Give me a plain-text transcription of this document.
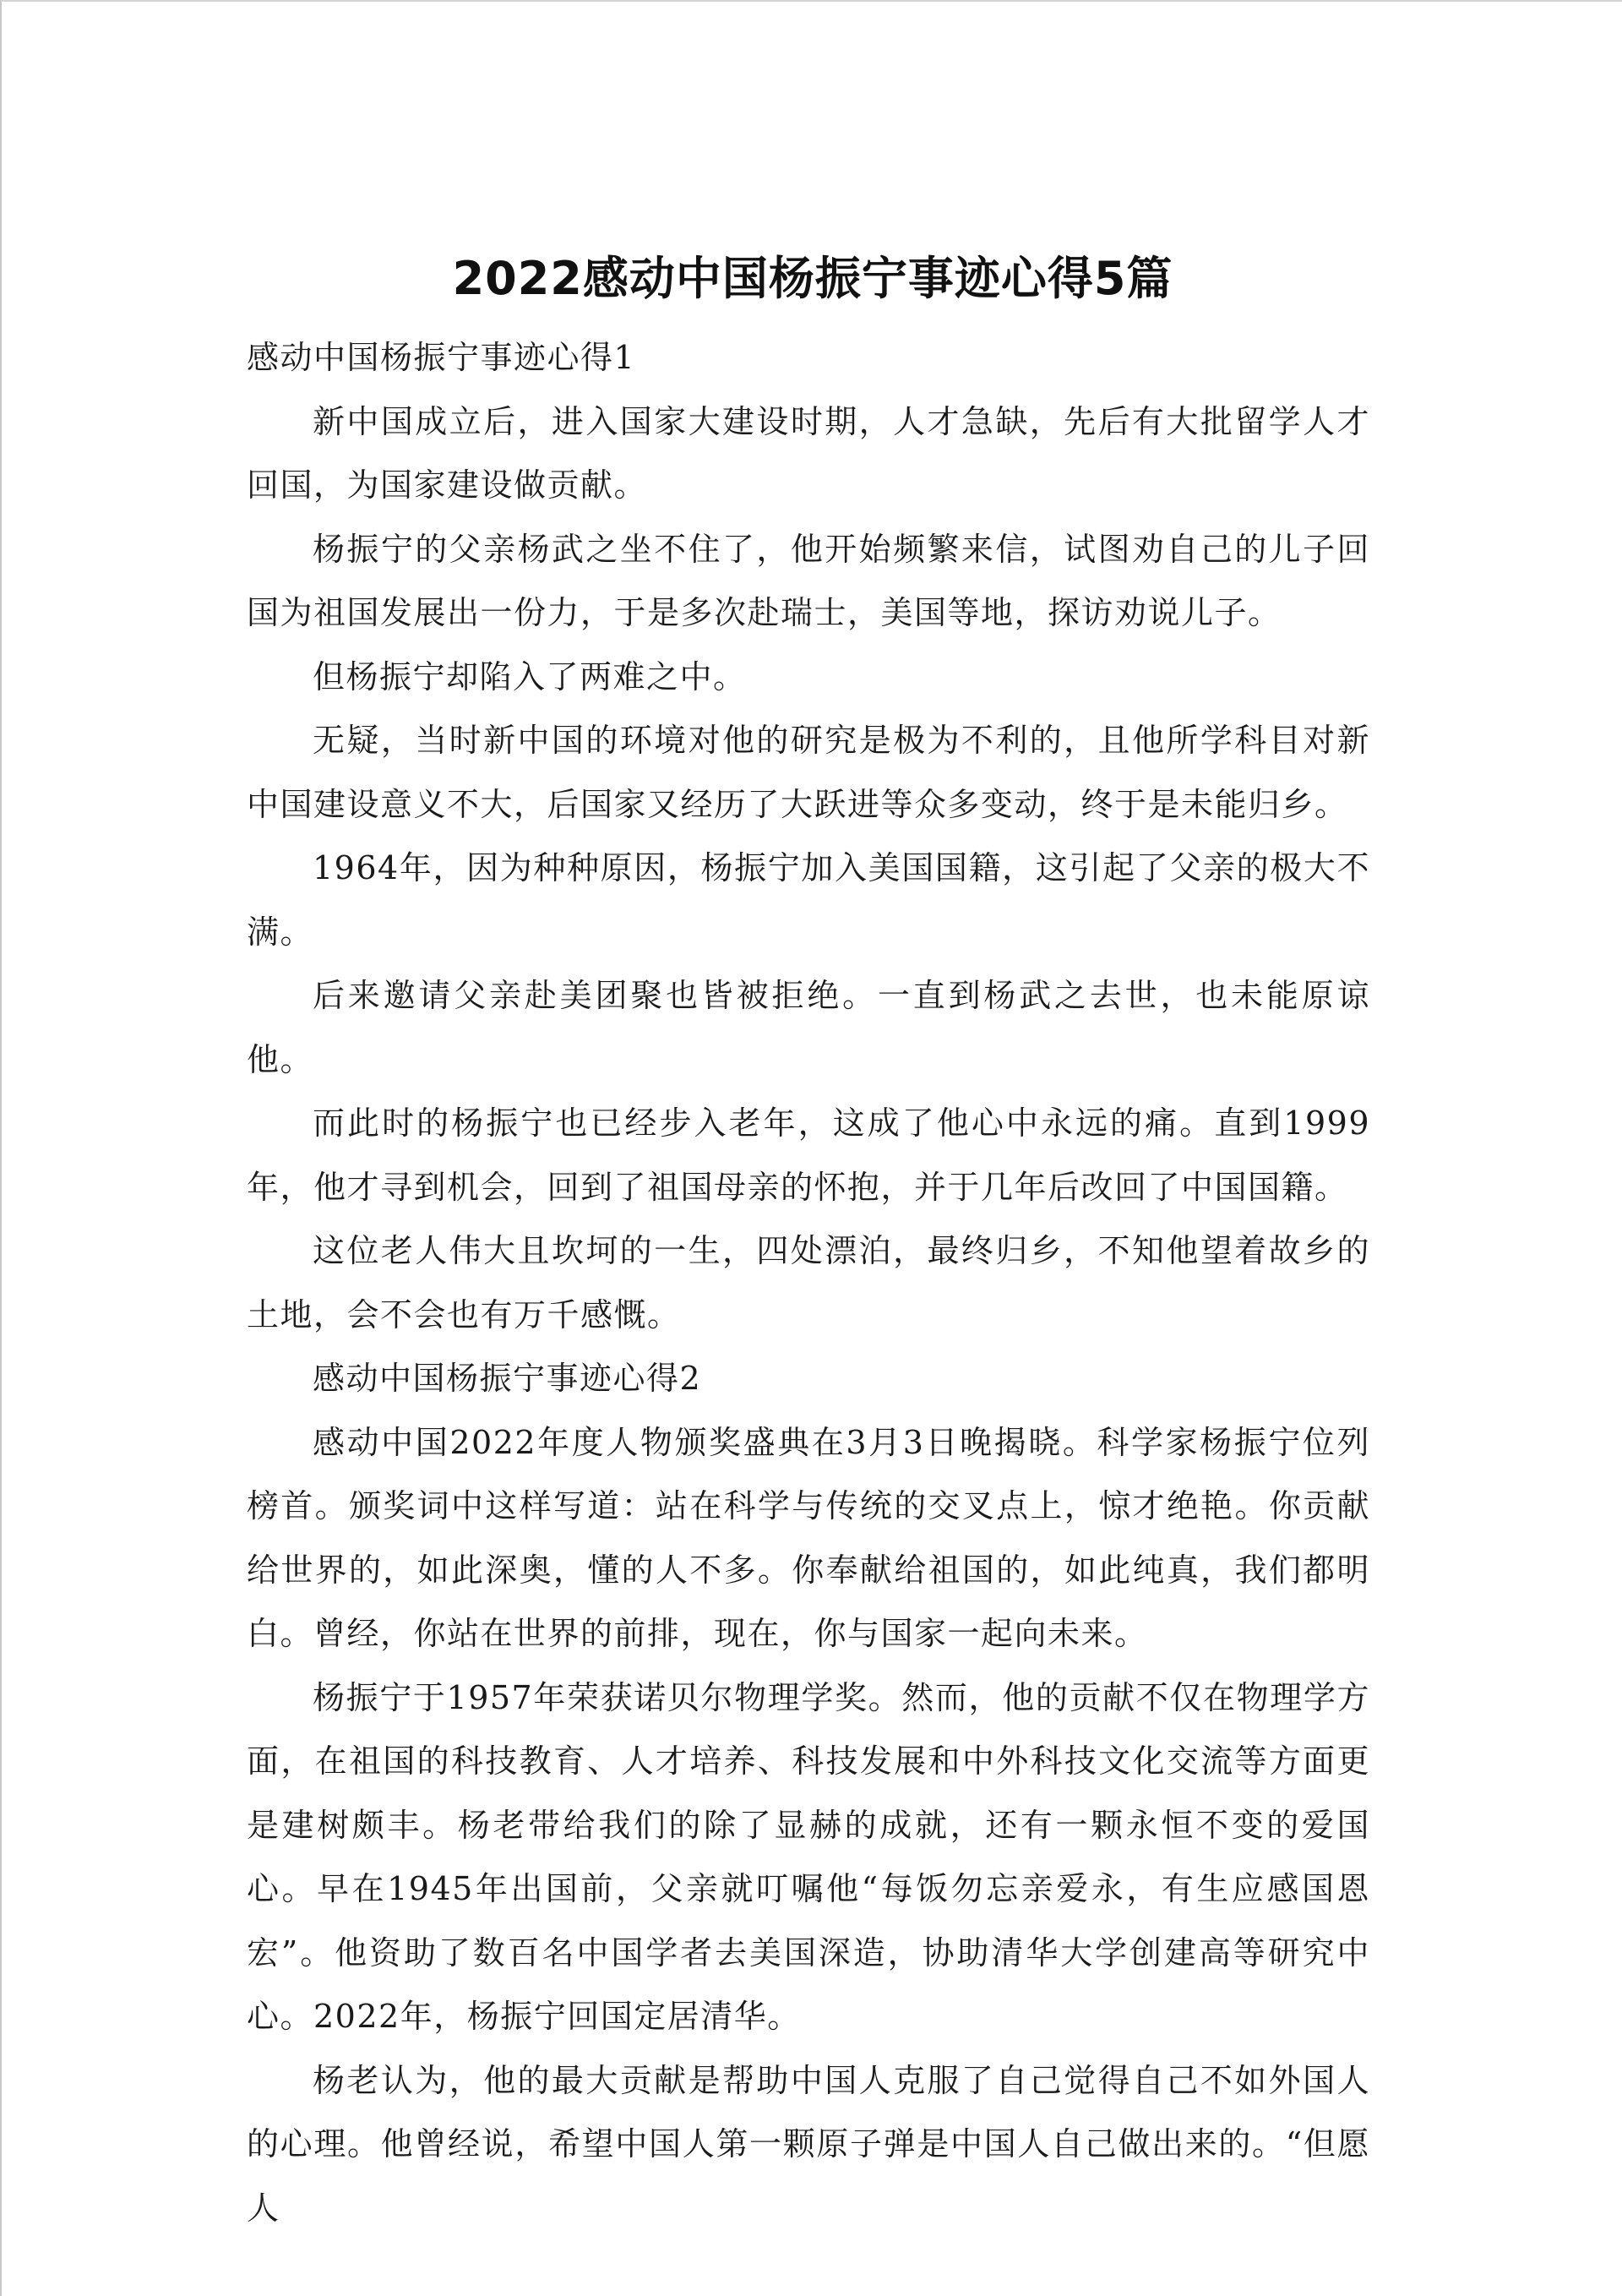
2022感动中国杨振宁事迹心得5篇

感动中国杨振宁事迹心得1

新中国成立后，进入国家大建设时期，人才急缺，先后有大批留学人才回国，为国家建设做贡献。

杨振宁的父亲杨武之坐不住了，他开始频繁来信，试图劝自己的儿子回国为祖国发展出一份力，于是多次赴瑞士，美国等地，探访劝说儿子。

但杨振宁却陷入了两难之中。

无疑，当时新中国的环境对他的研究是极为不利的，且他所学科目对新中国建设意义不大，后国家又经历了大跃进等众多变动，终于是未能归乡。

1964年，因为种种原因，杨振宁加入美国国籍，这引起了父亲的极大不满。

后来邀请父亲赴美团聚也皆被拒绝。一直到杨武之去世，也未能原谅他。

而此时的杨振宁也已经步入老年，这成了他心中永远的痛。直到1999年，他才寻到机会，回到了祖国母亲的怀抱，并于几年后改回了中国国籍。

这位老人伟大且坎坷的一生，四处漂泊，最终归乡，不知他望着故乡的土地，会不会也有万千感慨。

感动中国杨振宁事迹心得2

感动中国2022年度人物颁奖盛典在3月3日晚揭晓。科学家杨振宁位列榜首。颁奖词中这样写道：站在科学与传统的交叉点上，惊才绝艳。你贡献给世界的，如此深奥，懂的人不多。你奉献给祖国的，如此纯真，我们都明白。曾经，你站在世界的前排，现在，你与国家一起向未来。

杨振宁于1957年荣获诺贝尔物理学奖。然而，他的贡献不仅在物理学方面，在祖国的科技教育、人才培养、科技发展和中外科技文化交流等方面更是建树颇丰。杨老带给我们的除了显赫的成就，还有一颗永恒不变的爱国心。早在1945年出国前，父亲就叮嘱他“每饭勿忘亲爱永，有生应感国恩宏”。他资助了数百名中国学者去美国深造，协助清华大学创建高等研究中心。2022年，杨振宁回国定居清华。

杨老认为，他的最大贡献是帮助中国人克服了自己觉得自己不如外国人的心理。他曾经说，希望中国人第一颗原子弹是中国人自己做出来的。“但愿人
